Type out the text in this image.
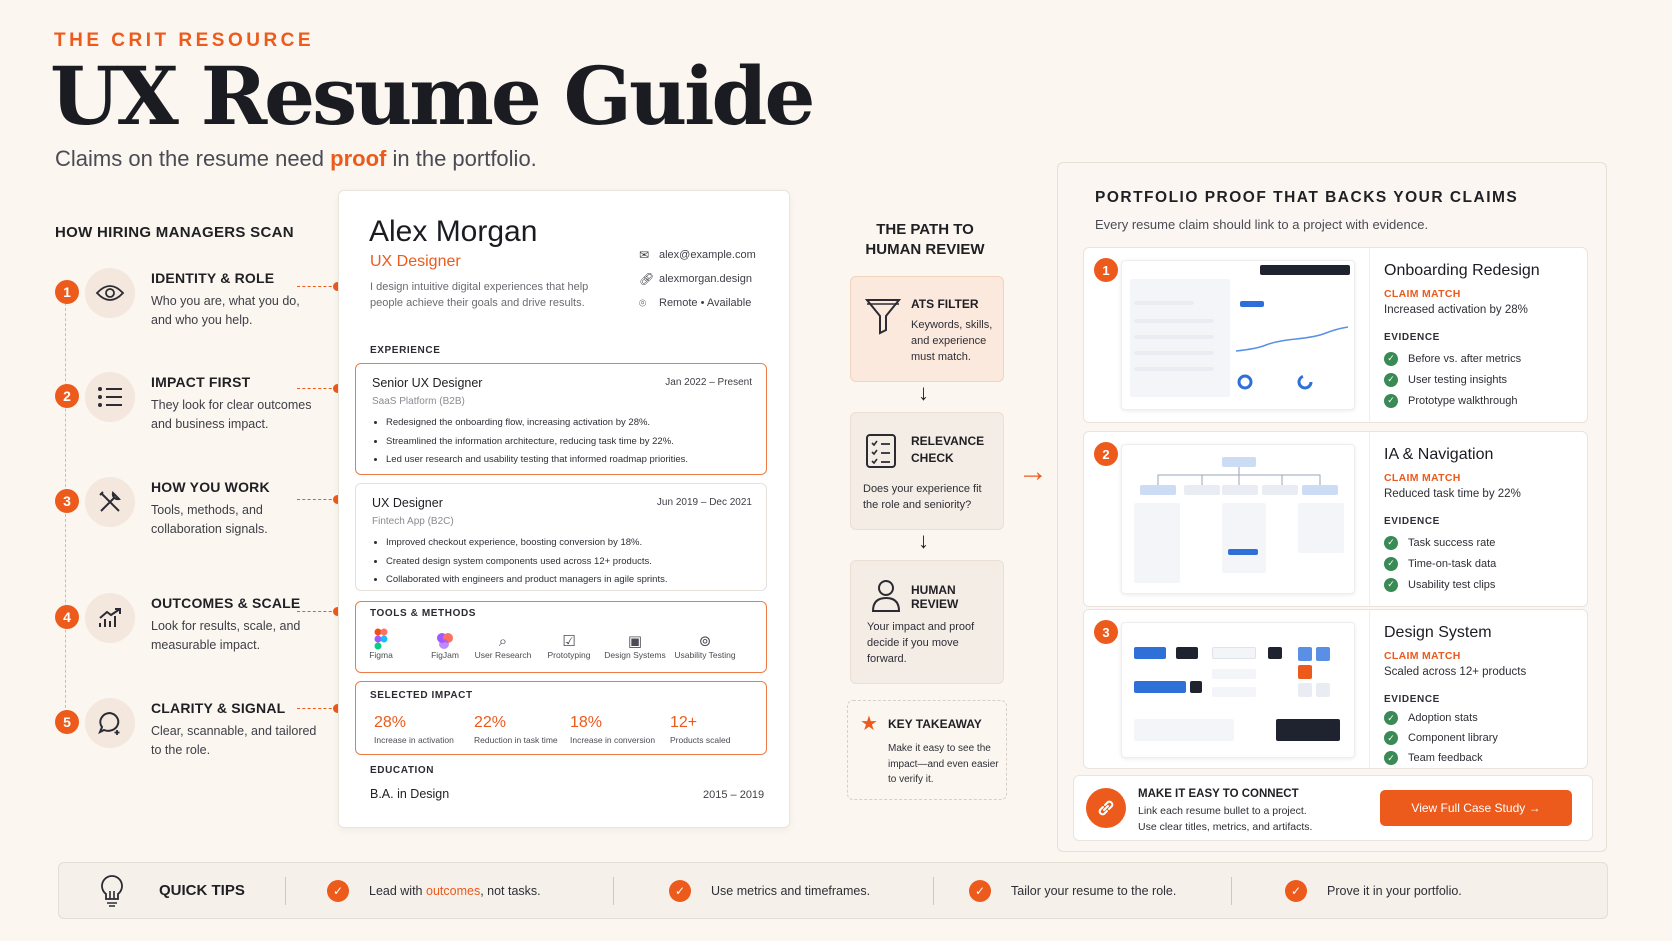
THE CRIT RESOURCE
UX Resume Guide
Claims on the resume need proof in the portfolio.
HOW HIRING MANAGERS SCAN
1
IDENTITY & ROLE
Who you are, what you do, and who you help.
2
IMPACT FIRST
They look for clear outcomes and business impact.
3
HOW YOU WORK
Tools, methods, and collaboration signals.
4
OUTCOMES & SCALE
Look for results, scale, and measurable impact.
5
CLARITY & SIGNAL
Clear, scannable, and tailored to the role.
Alex Morgan
UX Designer
I design intuitive digital experiences that help people achieve their goals and drive results.
✉ alex@example.com
🔗︎ alexmorgan.design
⌾	Remote • Available
EXPERIENCE
Senior UX Designer	Jan 2022 – Present
SaaS Platform (B2B)
• Redesigned the onboarding flow, increasing activation by 28%.
• Streamlined the information architecture, reducing task time by 22%.
• Led user research and usability testing that informed roadmap priorities.
UX Designer	Jun 2019 – Dec 2021
Fintech App (B2C)
• Improved checkout experience, boosting conversion by 18%.
• Created design system components used across 12+ products.
• Collaborated with engineers and product managers in agile sprints.
TOOLS & METHODS
Figma	FigJam
⌕
User Research
☑
Prototyping
▣
Design Systems
⊚
Usability Testing
SELECTED IMPACT
28%
Increase in activation
22%
Reduction in task time
18%
Increase in conversion
12+
Products scaled
EDUCATION
B.A. in Design	2015 – 2019
THE PATH TO HUMAN REVIEW
ATS FILTER
Keywords, skills, and experience must match.
↓
RELEVANCE CHECK
Does your experience fit the role and seniority?
↓
HUMAN REVIEW
Your impact and proof decide if you move forward.
★ KEY TAKEAWAY
Make it easy to see the impact—and even easier to verify it.
→
PORTFOLIO PROOF THAT BACKS YOUR CLAIMS
Every resume claim should link to a project with evidence.
1	Onboarding Redesign
CLAIM MATCH
Increased activation by 28%
EVIDENCE
✓ Before vs. after metrics
✓ User testing insights
✓ Prototype walkthrough
2	IA & Navigation
CLAIM MATCH
Reduced task time by 22%
EVIDENCE
✓ Task success rate
✓ Time-on-task data
✓ Usability test clips
3	Design System
CLAIM MATCH
Scaled across 12+ products
EVIDENCE
✓ Adoption stats
✓ Component library
✓ Team feedback
MAKE IT EASY TO CONNECT
Link each resume bullet to a project.
Use clear titles, metrics, and artifacts.
View Full Case Study →
QUICK TIPS	✓	Lead with outcomes, not tasks.	✓	Use metrics and timeframes.	✓	Tailor your resume to the role.	✓	Prove it in your portfolio.
